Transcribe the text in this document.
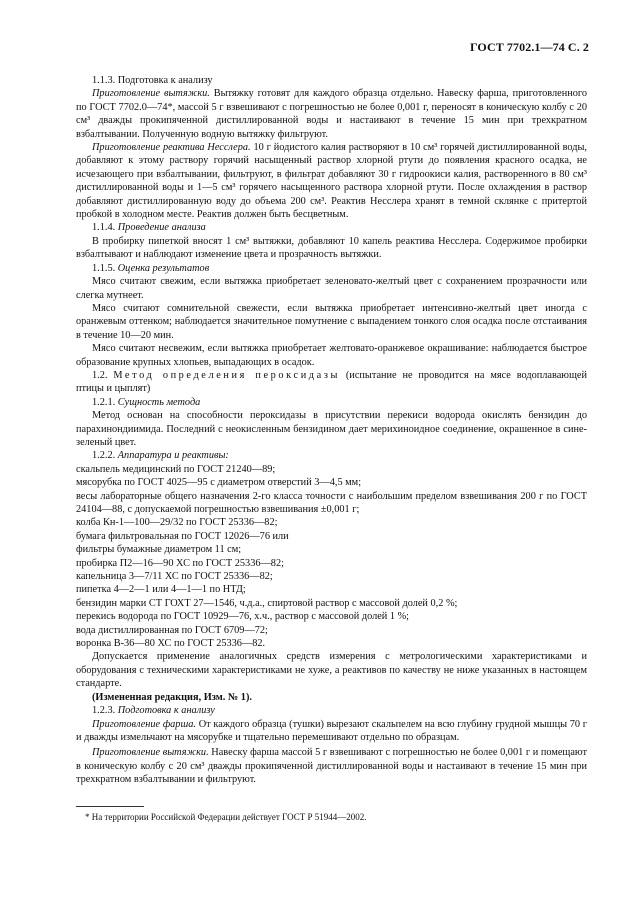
ГОСТ 7702.1—74 С. 2

1.1.3. Подготовка к анализу

Приготовление вытяжки. Вытяжку готовят для каждого образца отдельно. Навеску фарша, приготовленного по ГОСТ 7702.0—74*, массой 5 г взвешивают с погрешностью не более 0,001 г, переносят в коническую колбу с 20 см³ дважды прокипяченной дистиллированной воды и настаивают в течение 15 мин при трехкратном взбалтывании. Полученную водную вытяжку фильтруют.

Приготовление реактива Несслера. 10 г йодистого калия растворяют в 10 см³ горячей дистиллированной воды, добавляют к этому раствору горячий насыщенный раствор хлорной ртути до появления красного осадка, не исчезающего при взбалтывании, фильтруют, в фильтрат добавляют 30 г гидроокиси калия, растворенного в 80 см³ дистиллированной воды и 1—5 см³ горячего насыщенного раствора хлорной ртути. После охлаждения в раствор добавляют дистиллированную воду до объема 200 см³. Реактив Несслера хранят в темной склянке с притертой пробкой в холодном месте. Реактив должен быть бесцветным.

1.1.4. Проведение анализа

В пробирку пипеткой вносят 1 см³ вытяжки, добавляют 10 капель реактива Несслера. Содержимое пробирки взбалтывают и наблюдают изменение цвета и прозрачность вытяжки.

1.1.5. Оценка результатов

Мясо считают свежим, если вытяжка приобретает зеленовато-желтый цвет с сохранением прозрачности или слегка мутнеет.

Мясо считают сомнительной свежести, если вытяжка приобретает интенсивно-желтый цвет иногда с оранжевым оттенком; наблюдается значительное помутнение с выпадением тонкого слоя осадка после отстаивания в течение 10—20 мин.

Мясо считают несвежим, если вытяжка приобретает желтовато-оранжевое окрашивание: наблюдается быстрое образование крупных хлопьев, выпадающих в осадок.

1.2. Метод определения пероксидазы (испытание не проводится на мясе водоплавающей птицы и цыплят)

1.2.1. Сущность метода

Метод основан на способности пероксидазы в присутствии перекиси водорода окислять бензидин до парахинондиимида. Последний с неокисленным бензидином дает мерихиноидное соединение, окрашенное в сине-зеленый цвет.

1.2.2. Аппаратура и реактивы:

скальпель медицинский по ГОСТ 21240—89;

мясорубка по ГОСТ 4025—95 с диаметром отверстий 3—4,5 мм;

весы лабораторные общего назначения 2-го класса точности с наибольшим пределом взвешивания 200 г по ГОСТ 24104—88, с допускаемой погрешностью взвешивания ±0,001 г;

колба Кн-1—100—29/32 по ГОСТ 25336—82;

бумага фильтровальная по ГОСТ 12026—76 или

фильтры бумажные диаметром 11 см;

пробирка П2—16—90 ХС по ГОСТ 25336—82;

капельница 3—7/11 ХС по ГОСТ 25336—82;

пипетка 4—2—1 или 4—1—1 по НТД;

бензидин марки СТ ГОХТ 27—1546, ч.д.а., спиртовой раствор с массовой долей 0,2 %;

перекись водорода по ГОСТ 10929—76, х.ч., раствор с массовой долей 1 %;

вода дистиллированная по ГОСТ 6709—72;

воронка В-36—80 ХС по ГОСТ 25336—82.

Допускается применение аналогичных средств измерения с метрологическими характеристиками и оборудования с техническими характеристиками не хуже, а реактивов по качеству не ниже указанных в настоящем стандарте.

(Измененная редакция, Изм. № 1).

1.2.3. Подготовка к анализу

Приготовление фарша. От каждого образца (тушки) вырезают скальпелем на всю глубину грудной мышцы 70 г и дважды измельчают на мясорубке и тщательно перемешивают отдельно по образцам.

Приготовление вытяжки. Навеску фарша массой 5 г взвешивают с погрешностью не более 0,001 г и помещают в коническую колбу с 20 см³ дважды прокипяченной дистиллированной воды и настаивают в течение 15 мин при трехкратном взбалтывании и фильтруют.

* На территории Российской Федерации действует ГОСТ Р 51944—2002.
